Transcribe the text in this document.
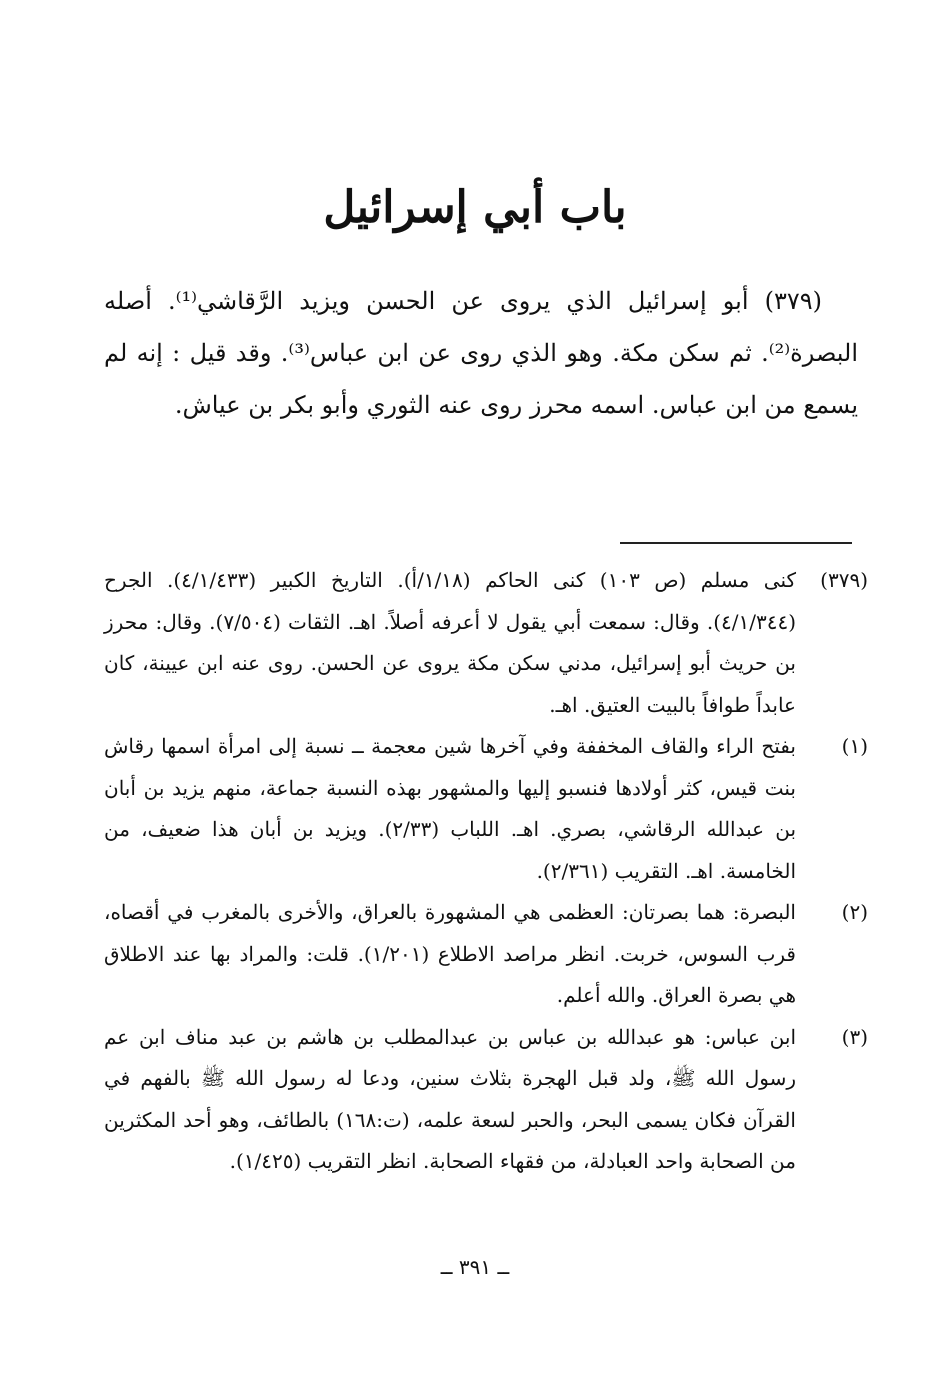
باب أبي إسرائيل

(٣٧٩) أبو إسرائيل الذي يروى عن الحسن ويزيد الرَّقاشي⁽¹⁾. أصله البصرة⁽²⁾. ثم سكن مكة. وهو الذي روى عن ابن عباس⁽³⁾. وقد قيل : إنه لم يسمع من ابن عباس. اسمه محرز روى عنه الثوري وأبو بكر بن عياش.

(٣٧٩)
كنى مسلم (ص ١٠٣) كنى الحاكم (١/١٨/أ). التاريخ الكبير (٤/١/٤٣٣). الجرح (٤/١/٣٤٤). وقال: سمعت أبي يقول لا أعرفه أصلاً. اهـ. الثقات (٧/٥٠٤). وقال: محرز بن حريث أبو إسرائيل، مدني سكن مكة يروى عن الحسن. روى عنه ابن عيينة، كان عابداً طوافاً بالبيت العتيق. اهـ.
(١)
بفتح الراء والقاف المخففة وفي آخرها شين معجمة ــ نسبة إلى امرأة اسمها رقاش بنت قيس، كثر أولادها فنسبو إليها والمشهور بهذه النسبة جماعة، منهم يزيد بن أبان بن عبدالله الرقاشي، بصري. اهـ. اللباب (٢/٣٣). ويزيد بن أبان هذا ضعيف، من الخامسة. اهـ. التقريب (٢/٣٦١).
(٢)
البصرة: هما بصرتان: العظمى هي المشهورة بالعراق، والأخرى بالمغرب في أقصاه، قرب السوس، خربت. انظر مراصد الاطلاع (١/٢٠١). قلت: والمراد بها عند الاطلاق هي بصرة العراق. والله أعلم.
(٣)
ابن عباس: هو عبدالله بن عباس بن عبدالمطلب بن هاشم بن عبد مناف ابن عم رسول الله ﷺ، ولد قبل الهجرة بثلاث سنين، ودعا له رسول الله ﷺ بالفهم في القرآن فكان يسمى البحر، والحبر لسعة علمه، (ت:١٦٨) بالطائف، وهو أحد المكثرين من الصحابة واحد العبادلة، من فقهاء الصحابة. انظر التقريب (١/٤٢٥).
ــ ٣٩١ ــ
